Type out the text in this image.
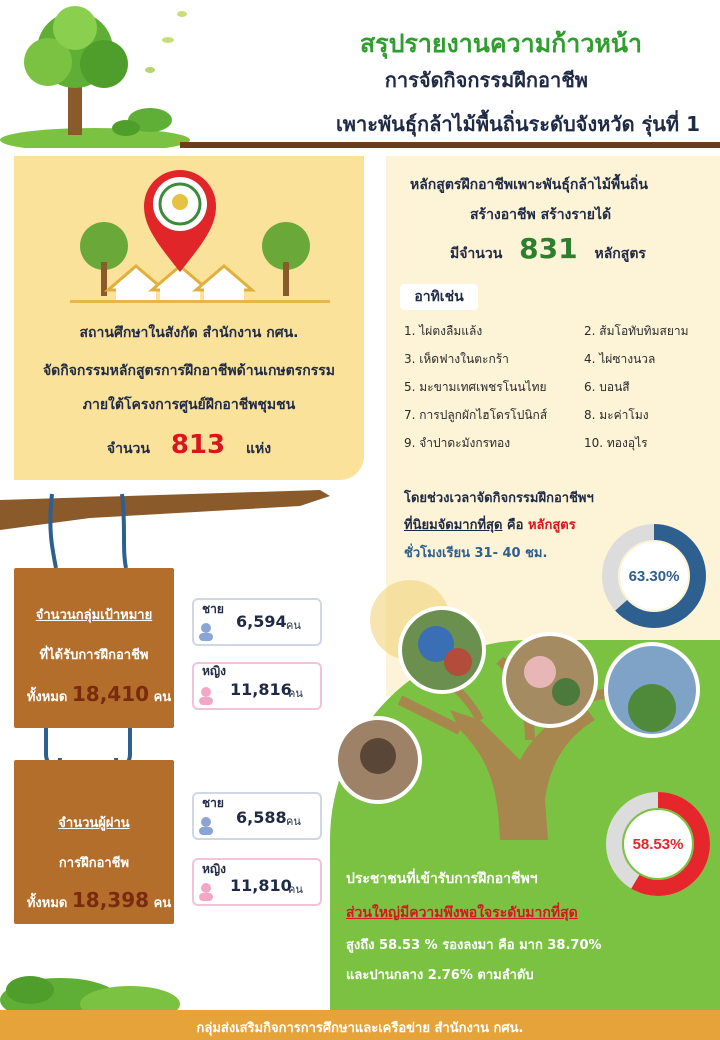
สรุปรายงานความก้าวหน้า
การจัดกิจกรรมฝึกอาชีพ
เพาะพันธุ์กล้าไม้พื้นถิ่นระดับจังหวัด รุ่นที่ 1
สถานศึกษาในสังกัด สำนักงาน กศน.
จัดกิจกรรมหลักสูตรการฝึกอาชีพด้านเกษตรกรรม
ภายใต้โครงการศูนย์ฝึกอาชีพชุมชน
จำนวน 813 แห่ง
หลักสูตรฝึกอาชีพเพาะพันธุ์กล้าไม้พื้นถิ่น
สร้างอาชีพ สร้างรายได้
มีจำนวน 831 หลักสูตร
อาทิเช่น
1. ไผ่ตงลืมแล้ง	2. ส้มโอทับทิมสยาม
3. เห็ดฟางในตะกร้า	4. ไผ่ซางนวล
5. มะขามเทศเพชรโนนไทย	6. บอนสี
7. การปลูกผักไฮโดรโปนิกส์	8. มะค่าโมง
9. จำปาดะมังกรทอง	10. ทองอุไร
โดยช่วงเวลาจัดกิจกรรมฝึกอาชีพฯ
ที่นิยมจัดมากที่สุด คือ หลักสูตร
ชั่วโมงเรียน 31- 40 ชม.
63.30%
จำนวนกลุ่มเป้าหมาย
ที่ได้รับการฝึกอาชีพ
ทั้งหมด 18,410 คน
ชาย
6,594 คน
หญิง
11,816
คน
จำนวนผู้ผ่าน
การฝึกอาชีพ
ทั้งหมด 18,398 คน
ชาย
6,588 คน
หญิง
11,810
คน
58.53%
ประชาชนที่เข้ารับการฝึกอาชีพฯ
ส่วนใหญ่มีความพึงพอใจระดับมากที่สุด
สูงถึง 58.53 % รองลงมา คือ มาก 38.70%
และปานกลาง 2.76% ตามลำดับ
กลุ่มส่งเสริมกิจการการศึกษาและเครือข่าย สำนักงาน กศน.
